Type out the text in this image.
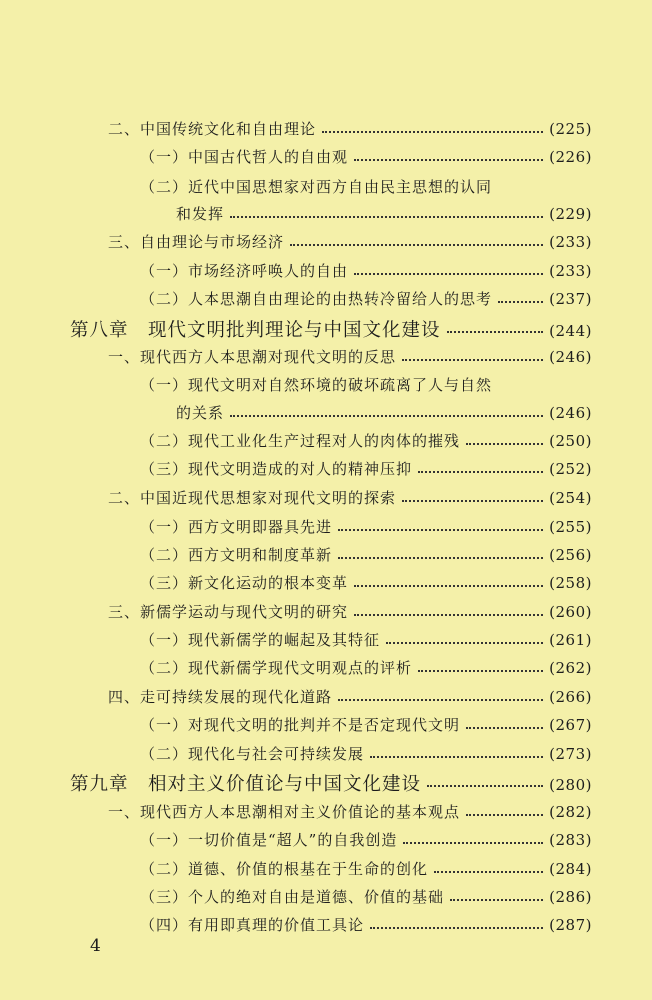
二、中国传统文化和自由理论	(225)
（一）中国古代哲人的自由观	(226)
（二）近代中国思想家对西方自由民主思想的认同
和发挥	(229)
三、自由理论与市场经济	(233)
（一）市场经济呼唤人的自由	(233)
（二）人本思潮自由理论的由热转冷留给人的思考	(237)
第八章　现代文明批判理论与中国文化建设	(244)
一、现代西方人本思潮对现代文明的反思	(246)
（一）现代文明对自然环境的破坏疏离了人与自然
的关系	(246)
（二）现代工业化生产过程对人的肉体的摧残	(250)
（三）现代文明造成的对人的精神压抑	(252)
二、中国近现代思想家对现代文明的探索	(254)
（一）西方文明即器具先进	(255)
（二）西方文明和制度革新	(256)
（三）新文化运动的根本变革	(258)
三、新儒学运动与现代文明的研究	(260)
（一）现代新儒学的崛起及其特征	(261)
（二）现代新儒学现代文明观点的评析	(262)
四、走可持续发展的现代化道路	(266)
（一）对现代文明的批判并不是否定现代文明	(267)
（二）现代化与社会可持续发展	(273)
第九章　相对主义价值论与中国文化建设	(280)
一、现代西方人本思潮相对主义价值论的基本观点	(282)
（一）一切价值是“超人”的自我创造	(283)
（二）道德、价值的根基在于生命的创化	(284)
（三）个人的绝对自由是道德、价值的基础	(286)
（四）有用即真理的价值工具论	(287)
4
